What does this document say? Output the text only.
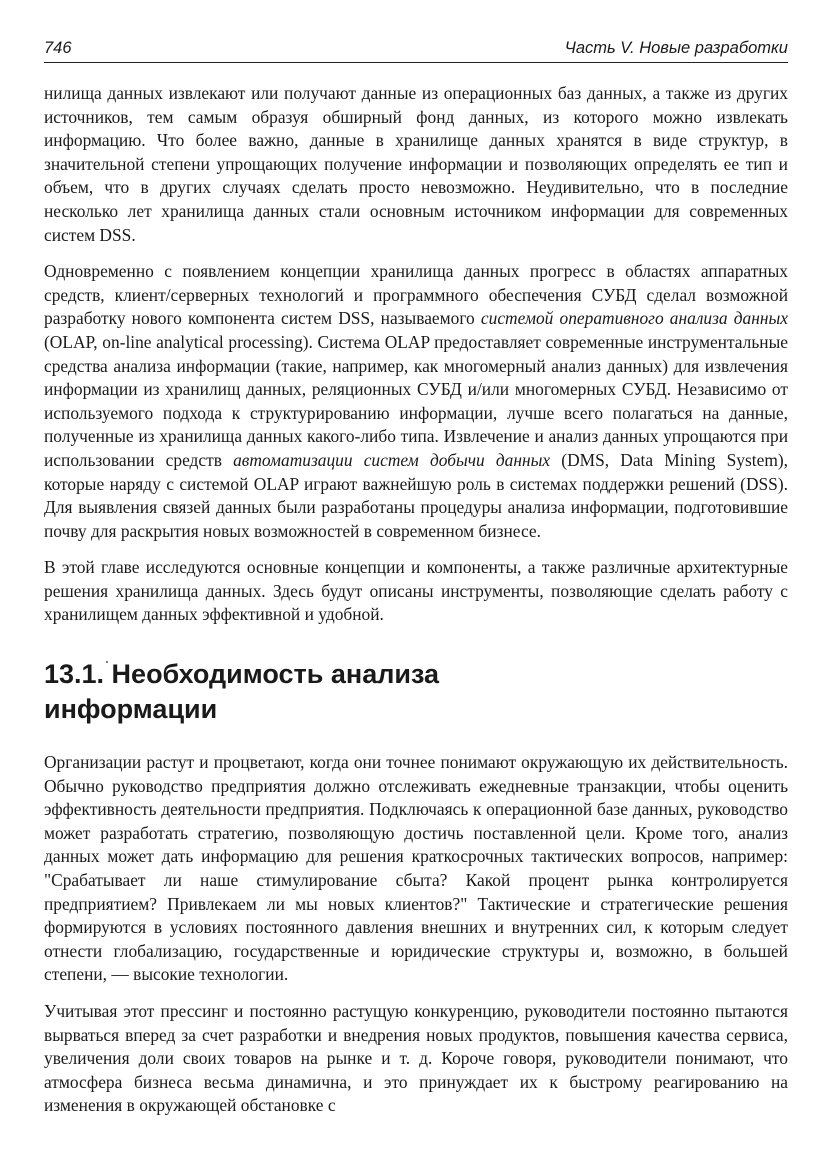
746	Часть V. Новые разработки

нилища данных извлекают или получают данные из операционных баз данных, а также из других источников, тем самым образуя обширный фонд данных, из которого можно извлекать информацию. Что более важно, данные в хранилище данных хранятся в виде структур, в значительной степени упрощающих получение информации и позволяющих определять ее тип и объем, что в других случаях сделать просто невозможно. Неудивительно, что в последние несколько лет хранилища данных стали основным источником информации для современных систем DSS.

Одновременно с появлением концепции хранилища данных прогресс в областях аппаратных средств, клиент/серверных технологий и программного обеспечения СУБД сделал возможной разработку нового компонента систем DSS, называемого системой оперативного анализа данных (OLAP, on-line analytical processing). Система OLAP предоставляет современные инструментальные средства анализа информации (такие, например, как многомерный анализ данных) для извлечения информации из хранилищ данных, реляционных СУБД и/или многомерных СУБД. Независимо от используемого подхода к структурированию информации, лучше всего полагаться на данные, полученные из хранилища данных какого-либо типа. Извлечение и анализ данных упрощаются при использовании средств автоматизации систем добычи данных (DMS, Data Mining System), которые наряду с системой OLAP играют важнейшую роль в системах поддержки решений (DSS). Для выявления связей данных были разработаны процедуры анализа информации, подготовившие почву для раскрытия новых возможностей в современном бизнесе.

В этой главе исследуются основные концепции и компоненты, а также различные архитектурные решения хранилища данных. Здесь будут описаны инструменты, позволяющие сделать работу с хранилищем данных эффективной и удобной.

13.1. Необходимость анализа информации

Организации растут и процветают, когда они точнее понимают окружающую их действительность. Обычно руководство предприятия должно отслеживать ежедневные транзакции, чтобы оценить эффективность деятельности предприятия. Подключаясь к операционной базе данных, руководство может разработать стратегию, позволяющую достичь поставленной цели. Кроме того, анализ данных может дать информацию для решения краткосрочных тактических вопросов, например: "Срабатывает ли наше стимулирование сбыта? Какой процент рынка контролируется предприятием? Привлекаем ли мы новых клиентов?" Тактические и стратегические решения формируются в условиях постоянного давления внешних и внутренних сил, к которым следует отнести глобализацию, государственные и юридические структуры и, возможно, в большей степени, — высокие технологии.

Учитывая этот прессинг и постоянно растущую конкуренцию, руководители постоянно пытаются вырваться вперед за счет разработки и внедрения новых продуктов, повышения качества сервиса, увеличения доли своих товаров на рынке и т. д. Короче говоря, руководители понимают, что атмосфера бизнеса весьма динамична, и это принуждает их к быстрому реагированию на изменения в окружающей обстановке с
